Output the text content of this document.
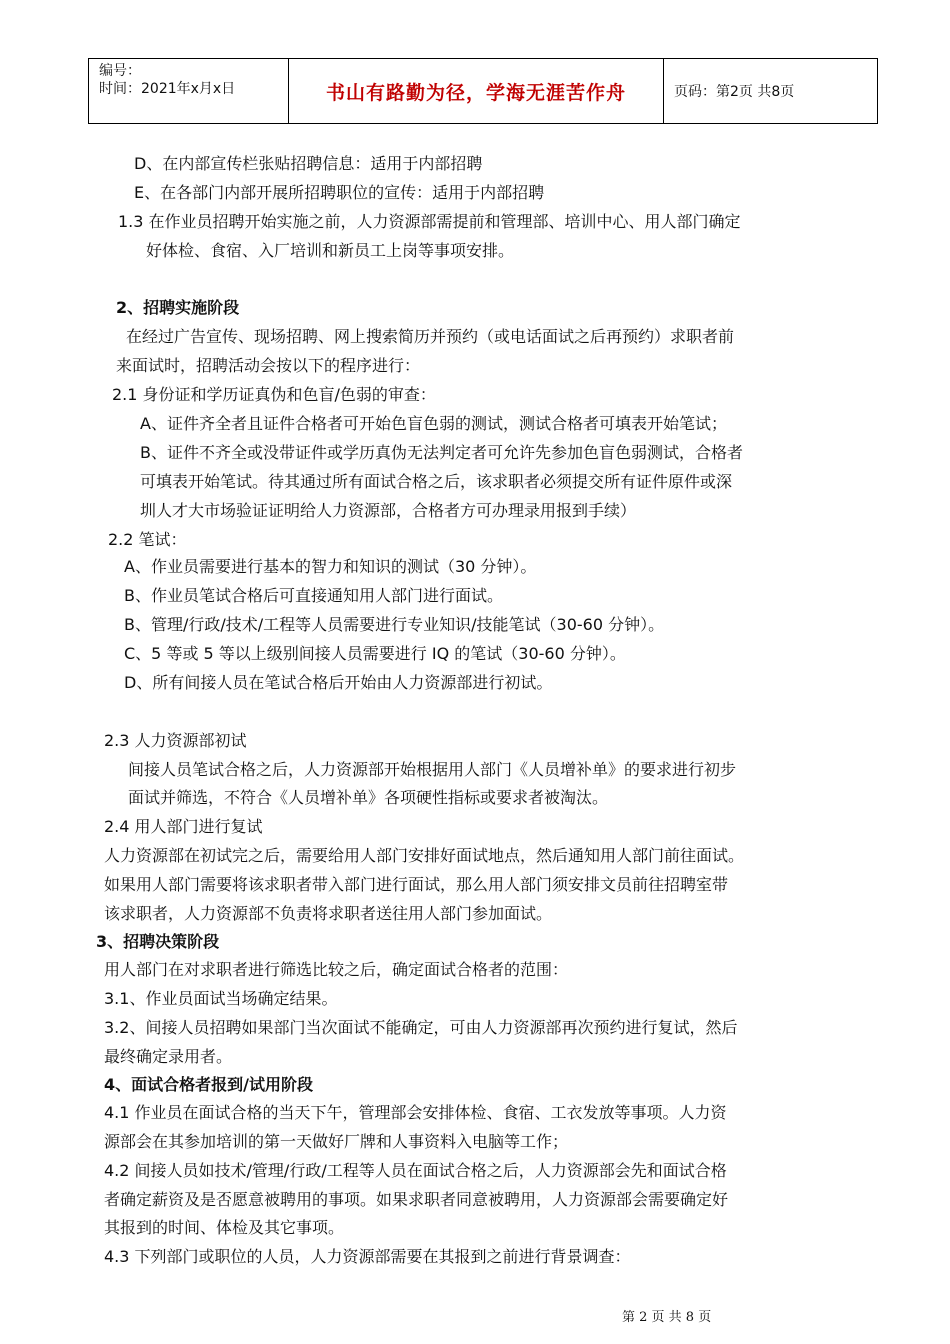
编号：
时间：2021年x月x日	书山有路勤为径，学海无涯苦作舟	页码：第2页 共8页
D、在内部宣传栏张贴招聘信息：适用于内部招聘
E、在各部门内部开展所招聘职位的宣传：适用于内部招聘
1.3 在作业员招聘开始实施之前，人力资源部需提前和管理部、培训中心、用人部门确定
好体检、食宿、入厂培训和新员工上岗等事项安排。
2、招聘实施阶段
在经过广告宣传、现场招聘、网上搜索简历并预约（或电话面试之后再预约）求职者前
来面试时，招聘活动会按以下的程序进行：
2.1 身份证和学历证真伪和色盲/色弱的审查：
A、证件齐全者且证件合格者可开始色盲色弱的测试，测试合格者可填表开始笔试；
B、证件不齐全或没带证件或学历真伪无法判定者可允许先参加色盲色弱测试，合格者
可填表开始笔试。待其通过所有面试合格之后，该求职者必须提交所有证件原件或深
圳人才大市场验证证明给人力资源部，合格者方可办理录用报到手续）
2.2 笔试：
A、作业员需要进行基本的智力和知识的测试（30 分钟）。
B、作业员笔试合格后可直接通知用人部门进行面试。
B、管理/行政/技术/工程等人员需要进行专业知识/技能笔试（30-60 分钟）。
C、5 等或 5 等以上级别间接人员需要进行 IQ 的笔试（30-60 分钟）。
D、所有间接人员在笔试合格后开始由人力资源部进行初试。
2.3 人力资源部初试
间接人员笔试合格之后，人力资源部开始根据用人部门《人员增补单》的要求进行初步
面试并筛选，不符合《人员增补单》各项硬性指标或要求者被淘汰。
2.4 用人部门进行复试
人力资源部在初试完之后，需要给用人部门安排好面试地点，然后通知用人部门前往面试。
如果用人部门需要将该求职者带入部门进行面试，那么用人部门须安排文员前往招聘室带
该求职者，人力资源部不负责将求职者送往用人部门参加面试。
3、招聘决策阶段
用人部门在对求职者进行筛选比较之后，确定面试合格者的范围：
3.1、作业员面试当场确定结果。
3.2、间接人员招聘如果部门当次面试不能确定，可由人力资源部再次预约进行复试，然后
最终确定录用者。
4、面试合格者报到/试用阶段
4.1 作业员在面试合格的当天下午，管理部会安排体检、食宿、工衣发放等事项。人力资
源部会在其参加培训的第一天做好厂牌和人事资料入电脑等工作；
4.2 间接人员如技术/管理/行政/工程等人员在面试合格之后，人力资源部会先和面试合格
者确定薪资及是否愿意被聘用的事项。如果求职者同意被聘用，人力资源部会需要确定好
其报到的时间、体检及其它事项。
4.3 下列部门或职位的人员，人力资源部需要在其报到之前进行背景调查：
第 2 页 共 8 页
